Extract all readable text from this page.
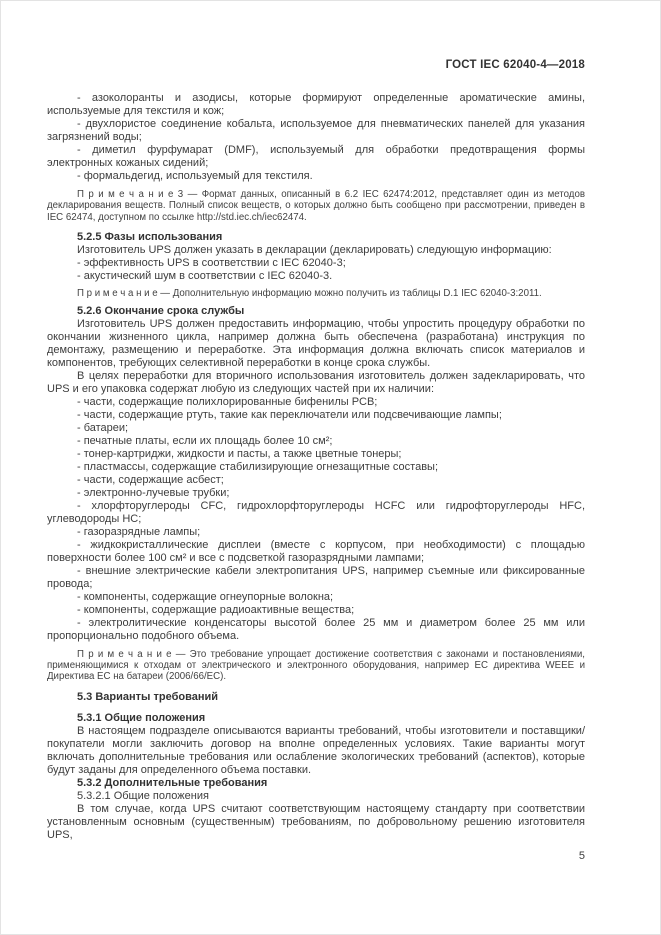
ГОСТ IEC 62040-4—2018

- азоколоранты и азодисы, которые формируют определенные ароматические амины, используемые для текстиля и кож;

- двухлористое соединение кобальта, используемое для пневматических панелей для указания загрязнений воды;

- диметил фурфумарат (DMF), используемый для обработки предотвращения формы электронных кожаных сидений;

- формальдегид, используемый для текстиля.

П р и м е ч а н и е 3 — Формат данных, описанный в 6.2 IEC 62474:2012, представляет один из методов декларирования веществ. Полный список веществ, о которых должно быть сообщено при рассмотрении, приведен в IEC 62474, доступном по ссылке http://std.iec.ch/iec62474.

5.2.5 Фазы использования

Изготовитель UPS должен указать в декларации (декларировать) следующую информацию:

- эффективность UPS в соответствии с IEC 62040-3;

- акустический шум в соответствии с IEC 62040-3.

П р и м е ч а н и е — Дополнительную информацию можно получить из таблицы D.1 IEC 62040-3:2011.

5.2.6 Окончание срока службы

Изготовитель UPS должен предоставить информацию, чтобы упростить процедуру обработки по окончании жизненного цикла, например должна быть обеспечена (разработана) инструкция по демонтажу, размещению и переработке. Эта информация должна включать список материалов и компонентов, требующих селективной переработки в конце срока службы.

В целях переработки для вторичного использования изготовитель должен задекларировать, что UPS и его упаковка содержат любую из следующих частей при их наличии:

- части, содержащие полихлорированные бифенилы PCB;

- части, содержащие ртуть, такие как переключатели или подсвечивающие лампы;

- батареи;

- печатные платы, если их площадь более 10 см²;

- тонер-картриджи, жидкости и пасты, а также цветные тонеры;

- пластмассы, содержащие стабилизирующие огнезащитные составы;

- части, содержащие асбест;

- электронно-лучевые трубки;

- хлорфторуглероды CFC, гидрохлорфторуглероды HCFC или гидрофторуглероды HFC, углеводороды HC;

- газоразрядные лампы;

- жидкокристаллические дисплеи (вместе с корпусом, при необходимости) с площадью поверхности более 100 см² и все с подсветкой газоразрядными лампами;

- внешние электрические кабели электропитания UPS, например съемные или фиксированные провода;

- компоненты, содержащие огнеупорные волокна;

- компоненты, содержащие радиоактивные вещества;

- электролитические конденсаторы высотой более 25 мм и диаметром более 25 мм или пропорционально подобного объема.

П р и м е ч а н и е — Это требование упрощает достижение соответствия с законами и постановлениями, применяющимися к отходам от электрического и электронного оборудования, например ЕС директива WEEE и Директива ЕС на батареи (2006/66/EC).

5.3 Варианты требований

5.3.1 Общие положения

В настоящем подразделе описываются варианты требований, чтобы изготовители и поставщики/ покупатели могли заключить договор на вполне определенных условиях. Такие варианты могут включать дополнительные требования или ослабление экологических требований (аспектов), которые будут заданы для определенного объема поставки.

5.3.2 Дополнительные требования

5.3.2.1 Общие положения

В том случае, когда UPS считают соответствующим настоящему стандарту при соответствии установленным основным (существенным) требованиям, по добровольному решению изготовителя UPS,

5
